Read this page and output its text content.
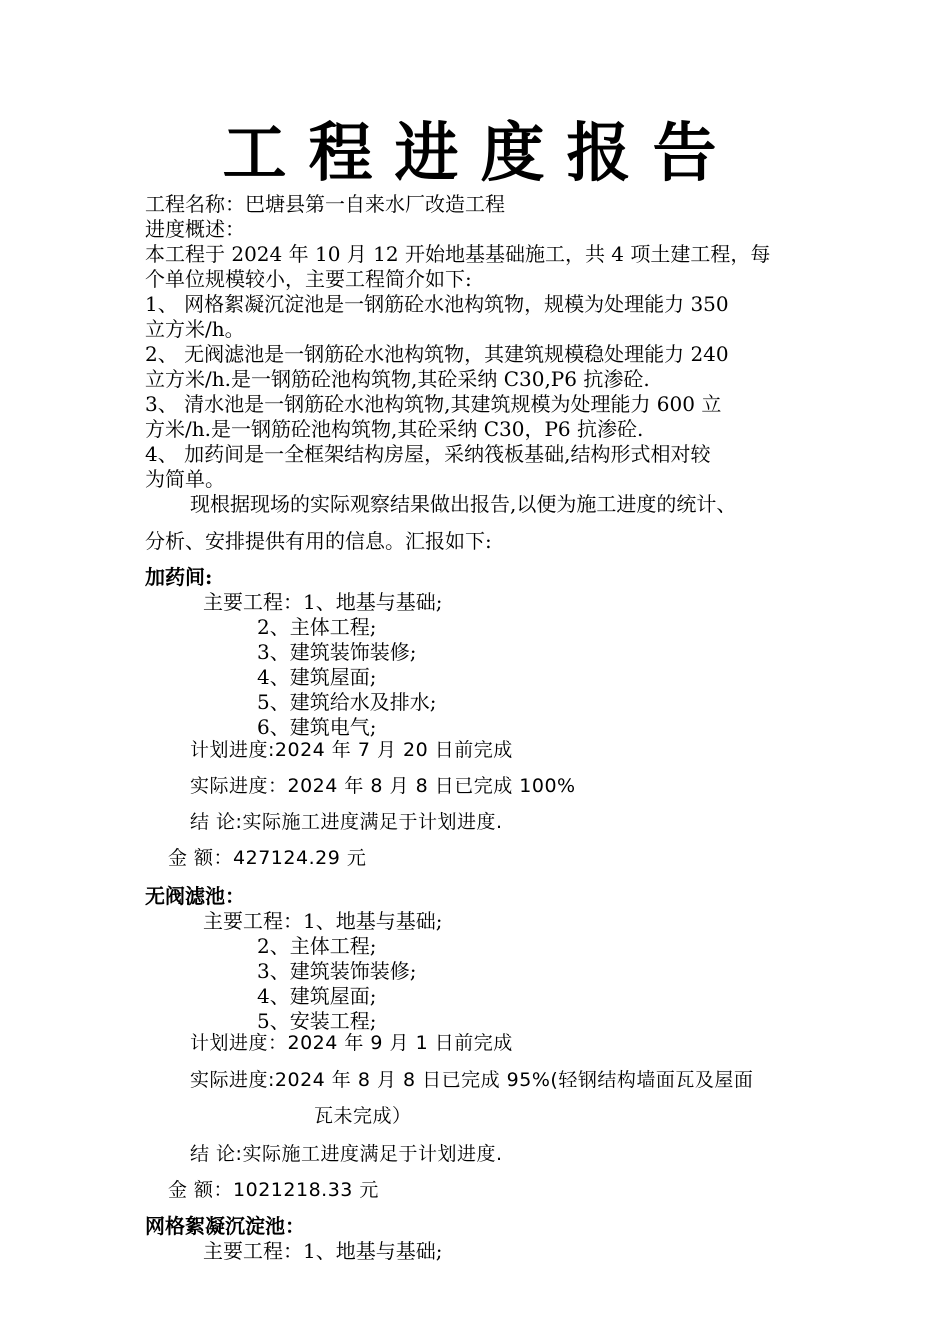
工程进度报告
工程名称：巴塘县第一自来水厂改造工程
进度概述：
本工程于 2024 年 10 月 12 开始地基基础施工，共 4 项土建工程，每
个单位规模较小，主要工程简介如下:
1、 网格絮凝沉淀池是一钢筋砼水池构筑物，规模为处理能力 350
立方米/h。
2、 无阀滤池是一钢筋砼水池构筑物，其建筑规模稳处理能力 240
立方米/h.是一钢筋砼池构筑物,其砼采纳 C30,P6 抗渗砼.
3、 清水池是一钢筋砼水池构筑物,其建筑规模为处理能力 600 立
方米/h.是一钢筋砼池构筑物,其砼采纳 C30，P6 抗渗砼.
4、 加药间是一全框架结构房屋，采纳筏板基础,结构形式相对较
为简单。
现根据现场的实际观察结果做出报告,以便为施工进度的统计、
分析、安排提供有用的信息。汇报如下:
加药间:
主要工程：1、地基与基础;
2、主体工程;
3、建筑装饰装修;
4、建筑屋面;
5、建筑给水及排水;
6、建筑电气;
计划进度:2024 年 7 月 20 日前完成
实际进度：2024 年 8 月 8 日已完成 100%
结 论:实际施工进度满足于计划进度.
金 额：427124.29 元
无阀滤池：
主要工程：1、地基与基础;
2、主体工程;
3、建筑装饰装修;
4、建筑屋面;
5、安装工程;
计划进度：2024 年 9 月 1 日前完成
实际进度:2024 年 8 月 8 日已完成 95%(轻钢结构墙面瓦及屋面
瓦未完成）
结 论:实际施工进度满足于计划进度.
金 额：1021218.33 元
网格絮凝沉淀池：
主要工程：1、地基与基础;
